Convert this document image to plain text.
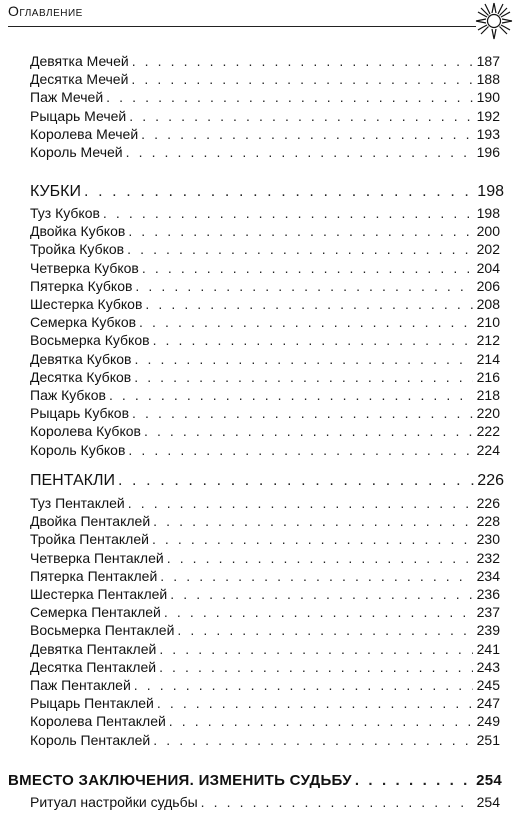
Оглавление
Девятка Мечей . . .	187
Десятка Мечей . . .	188
Паж Мечей . . .	190
Рыцарь Мечей . . .	192
Королева Мечей . . .	193
Король Мечей . . .	196
КУБКИ . . .	198
Туз Кубков . . .	198
Двойка Кубков . . .	200
Тройка Кубков . . .	202
Четверка Кубков . . .	204
Пятерка Кубков . . .	206
Шестерка Кубков . . .	208
Семерка Кубков . . .	210
Восьмерка Кубков . . .	212
Девятка Кубков . . .	214
Десятка Кубков . . .	216
Паж Кубков . . .	218
Рыцарь Кубков . . .	220
Королева Кубков . . .	222
Король Кубков . . .	224
ПЕНТАКЛИ . . .	226
Туз Пентаклей . . .	226
Двойка Пентаклей . . .	228
Тройка Пентаклей . . .	230
Четверка Пентаклей . . .	232
Пятерка Пентаклей . . .	234
Шестерка Пентаклей . . .	236
Семерка Пентаклей . . .	237
Восьмерка Пентаклей . . .	239
Девятка Пентаклей . . .	241
Десятка Пентаклей . . .	243
Паж Пентаклей . . .	245
Рыцарь Пентаклей . . .	247
Королева Пентаклей . . .	249
Король Пентаклей . . .	251
ВМЕСТО ЗАКЛЮЧЕНИЯ. ИЗМЕНИТЬ СУДЬБУ . . .	254
Ритуал настройки судьбы . . .	254
